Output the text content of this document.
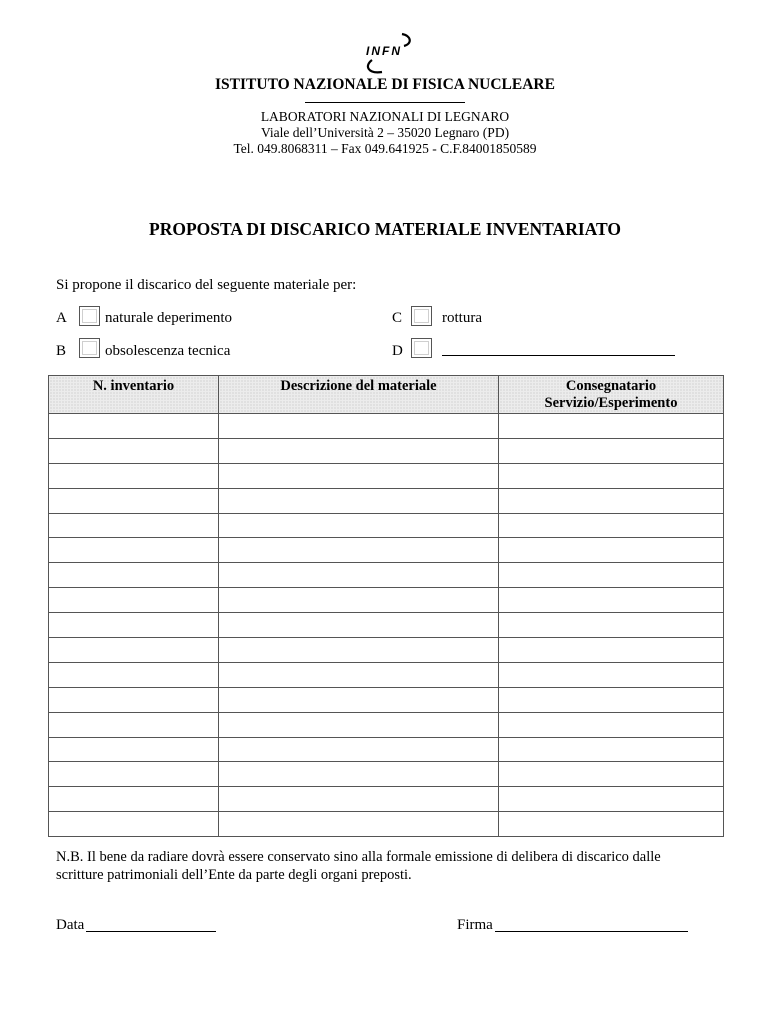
INFN
ISTITUTO NAZIONALE DI FISICA NUCLEARE
LABORATORI NAZIONALI DI LEGNARO
Viale dell’Università 2 – 35020 Legnaro (PD)
Tel. 049.8068311 – Fax 049.641925 - C.F.84001850589
PROPOSTA DI DISCARICO MATERIALE INVENTARIATO
Si propone il discarico del seguente materiale per:
A	naturale deperimento
B	obsolescenza tecnica
C	rottura
D
N. inventario	Descrizione del materiale	Consegnatario Servizio/Esperimento

N.B. Il bene da radiare dovrà essere conservato sino alla formale emissione di delibera di discarico dalle
scritture patrimoniali dell’Ente da parte degli organi preposti.
Data	Firma
